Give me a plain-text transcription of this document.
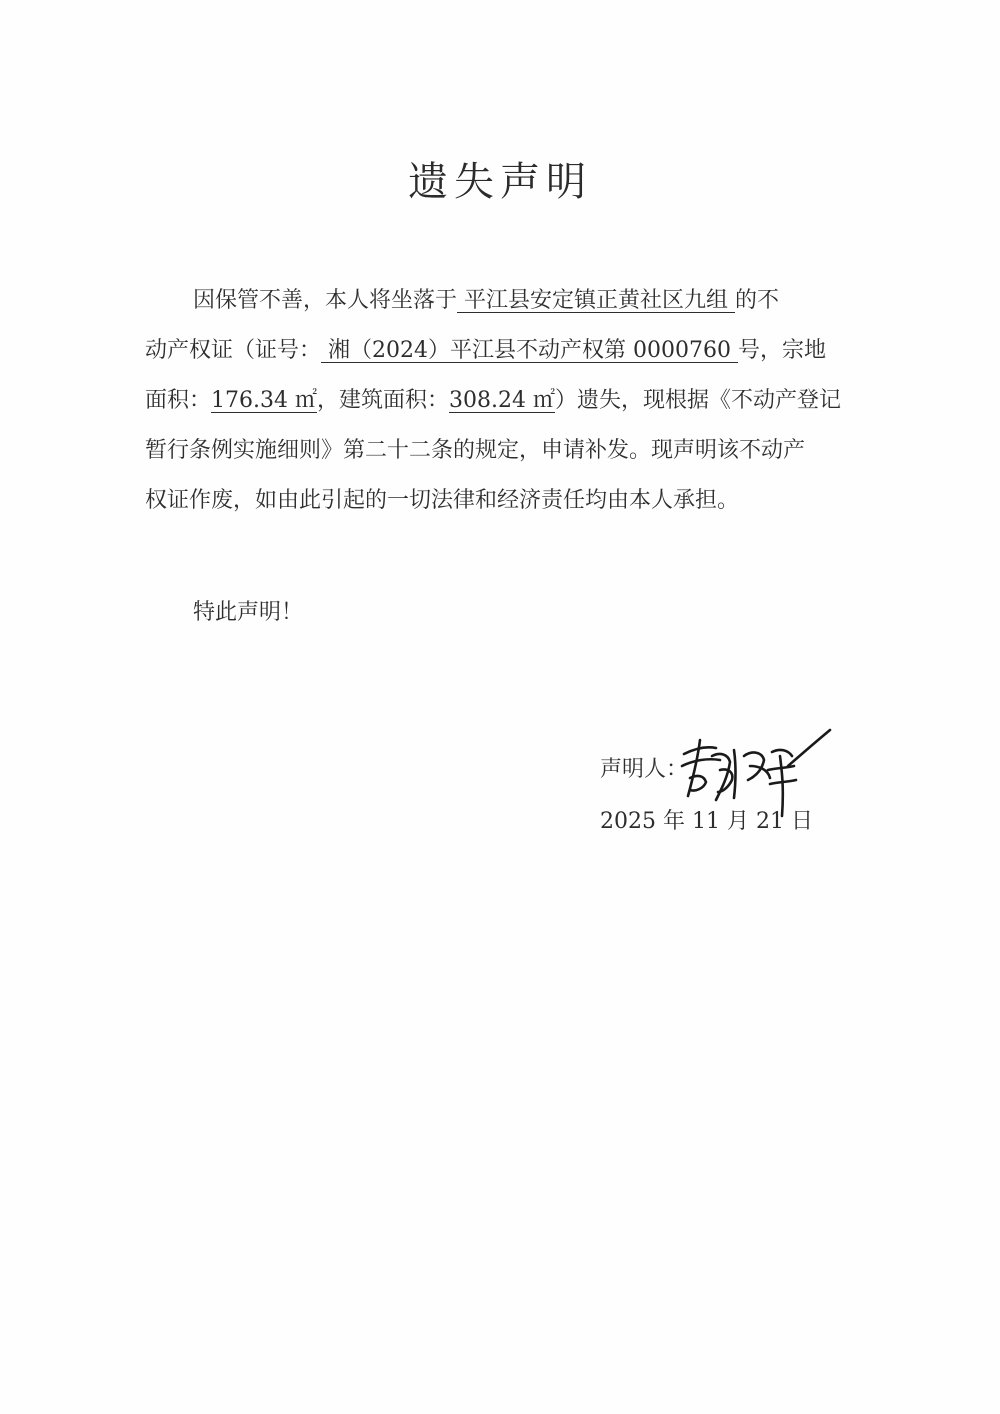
遗失声明
因保管不善，本人将坐落于 平江县安定镇正黄社区九组 的不
动产权证（证号： 湘（2024）平江县不动产权第 0000760 号，宗地
面积：176.34 ㎡，建筑面积：308.24 ㎡）遗失，现根据《不动产登记
暂行条例实施细则》第二十二条的规定，申请补发。现声明该不动产
权证作废，如由此引起的一切法律和经济责任均由本人承担。
特此声明！
声明人：
2025 年 11 月 21 日
